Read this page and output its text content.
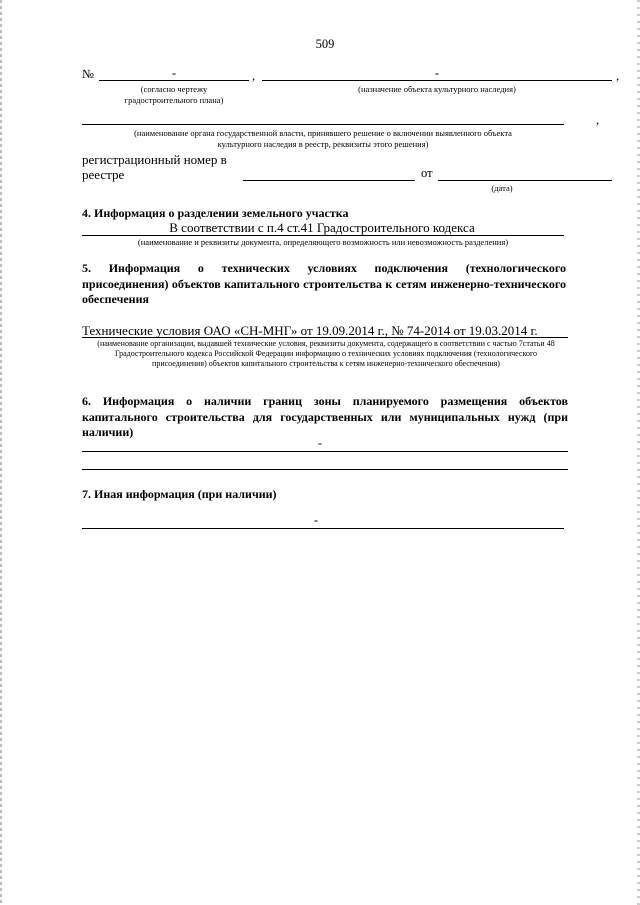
509
№	-	,	-	,
(согласно чертежу
градостроительного плана)
(назначение объекта культурного наследия)
,
(наименование органа государственной власти, принявшего решение о включении выявленного объекта
культурного наследия в реестр, реквизиты этого решения)
регистрационный номер в
реестре	от
(дата)
4. Информация о разделении земельного участка
В соответствии с п.4 ст.41 Градостроительного кодекса
(наименование и реквизиты документа, определяющего возможность или невозможность разделения)
5. Информация о технических условиях подключения (технологического присоединения) объектов капитального строительства к сетям инженерно-технического обеспечения
Технические условия ОАО «СН-МНГ» от 19.09.2014 г., № 74-2014 от 19.03.2014 г.
(наименование организации, выдавшей технические условия, реквизиты документа, содержащего в соответствии с частью 7статьи 48 Градостроительного кодекса Российской Федерации информацию о технических условиях подключения (технологического присоединения) объектов капитального строительства к сетям инженерно-технического обеспечения)
6. Информация о наличии границ зоны планируемого размещения объектов капитального строительства для государственных или муниципальных нужд (при наличии)
-
7. Иная информация (при наличии)
-
